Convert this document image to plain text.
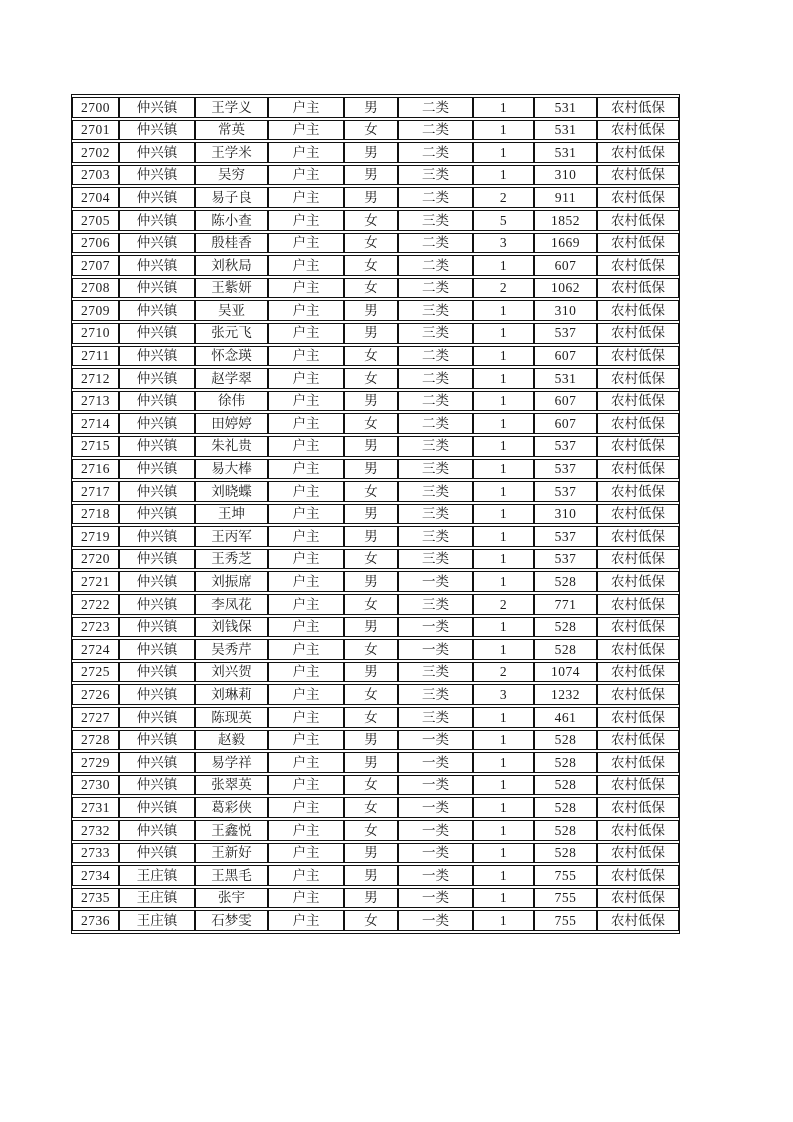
2700	仲兴镇	王学义	户主	男	二类	1	531	农村低保
2701	仲兴镇	常英	户主	女	二类	1	531	农村低保
2702	仲兴镇	王学米	户主	男	二类	1	531	农村低保
2703	仲兴镇	吴穷	户主	男	三类	1	310	农村低保
2704	仲兴镇	易子良	户主	男	二类	2	911	农村低保
2705	仲兴镇	陈小查	户主	女	三类	5	1852	农村低保
2706	仲兴镇	殷桂香	户主	女	二类	3	1669	农村低保
2707	仲兴镇	刘秋局	户主	女	二类	1	607	农村低保
2708	仲兴镇	王紫妍	户主	女	二类	2	1062	农村低保
2709	仲兴镇	吴亚	户主	男	三类	1	310	农村低保
2710	仲兴镇	张元飞	户主	男	三类	1	537	农村低保
2711	仲兴镇	怀念瑛	户主	女	二类	1	607	农村低保
2712	仲兴镇	赵学翠	户主	女	二类	1	531	农村低保
2713	仲兴镇	徐伟	户主	男	二类	1	607	农村低保
2714	仲兴镇	田婷婷	户主	女	二类	1	607	农村低保
2715	仲兴镇	朱礼贵	户主	男	三类	1	537	农村低保
2716	仲兴镇	易大棒	户主	男	三类	1	537	农村低保
2717	仲兴镇	刘晓蝶	户主	女	三类	1	537	农村低保
2718	仲兴镇	王坤	户主	男	三类	1	310	农村低保
2719	仲兴镇	王丙军	户主	男	三类	1	537	农村低保
2720	仲兴镇	王秀芝	户主	女	三类	1	537	农村低保
2721	仲兴镇	刘振席	户主	男	一类	1	528	农村低保
2722	仲兴镇	李凤花	户主	女	三类	2	771	农村低保
2723	仲兴镇	刘钱保	户主	男	一类	1	528	农村低保
2724	仲兴镇	吴秀芹	户主	女	一类	1	528	农村低保
2725	仲兴镇	刘兴贺	户主	男	三类	2	1074	农村低保
2726	仲兴镇	刘琳莉	户主	女	三类	3	1232	农村低保
2727	仲兴镇	陈现英	户主	女	三类	1	461	农村低保
2728	仲兴镇	赵毅	户主	男	一类	1	528	农村低保
2729	仲兴镇	易学祥	户主	男	一类	1	528	农村低保
2730	仲兴镇	张翠英	户主	女	一类	1	528	农村低保
2731	仲兴镇	葛彩侠	户主	女	一类	1	528	农村低保
2732	仲兴镇	王鑫悦	户主	女	一类	1	528	农村低保
2733	仲兴镇	王新好	户主	男	一类	1	528	农村低保
2734	王庄镇	王黑毛	户主	男	一类	1	755	农村低保
2735	王庄镇	张宇	户主	男	一类	1	755	农村低保
2736	王庄镇	石梦雯	户主	女	一类	1	755	农村低保
